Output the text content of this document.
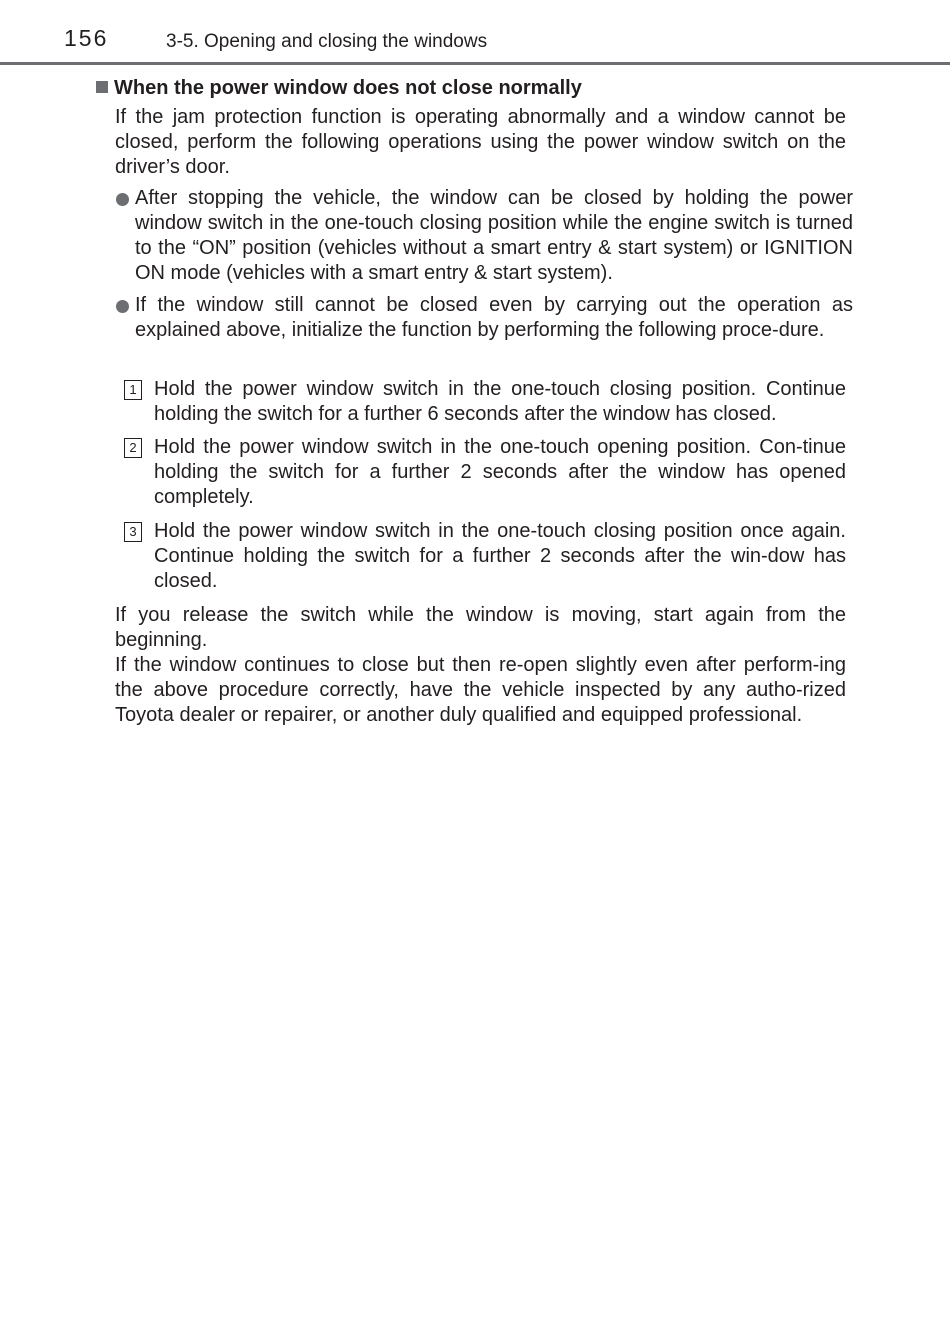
156	3-5. Opening and closing the windows
When the power window does not close normally
If the jam protection function is operating abnormally and a window cannot be closed, perform the following operations using the power window switch on the driver’s door.
After stopping the vehicle, the window can be closed by holding the power window switch in the one-touch closing position while the engine switch is turned to the “ON” position (vehicles without a smart entry & start system) or IGNITION ON mode (vehicles with a smart entry & start system).
If the window still cannot be closed even by carrying out the operation as explained above, initialize the function by performing the following proce-dure.
1 Hold the power window switch in the one-touch closing position. Continue holding the switch for a further 6 seconds after the window has closed.
2 Hold the power window switch in the one-touch opening position. Con-tinue holding the switch for a further 2 seconds after the window has opened completely.
3 Hold the power window switch in the one-touch closing position once again. Continue holding the switch for a further 2 seconds after the win-dow has closed.
If you release the switch while the window is moving, start again from the beginning.
If the window continues to close but then re-open slightly even after perform-ing the above procedure correctly, have the vehicle inspected by any autho-rized Toyota dealer or repairer, or another duly qualified and equipped professional.
